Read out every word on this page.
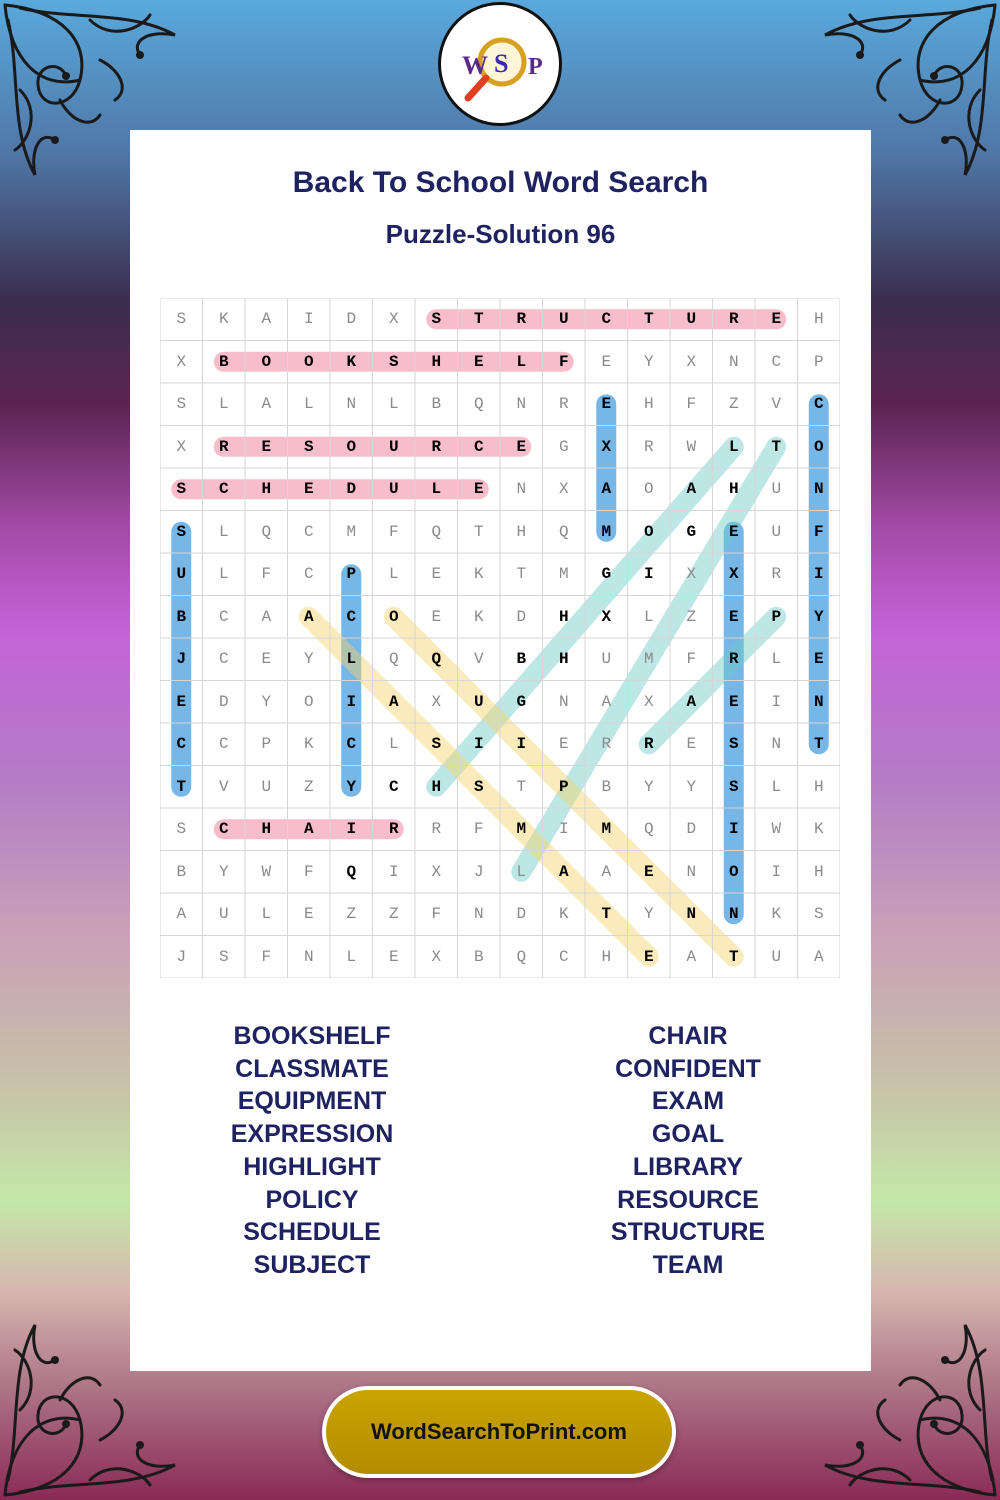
W S P
Back To School Word Search
Puzzle-Solution 96
S	K	A	I	D	X	S	T	R	U	C	T	U	R	E	H
X	B	O	O	K	S	H	E	L	F	E	Y	X	N	C	P
S	L	A	L	N	L	B	Q	N	R	E	H	F	Z	V	C
X	R	E	S	O	U	R	C	E	G	X	R	W	L	T	O
S	C	H	E	D	U	L	E	N	X	A	O	A	H	U	N
S	L	Q	C	M	F	Q	T	H	Q	M	O	G	E	U	F
U	L	F	C	P	L	E	K	T	M	G	I	X	X	R	I
B	C	A	A	C	O	E	K	D	H	X	L	Z	E	P	Y
J	C	E	Y	L	Q	Q	V	B	H	U	M	F	R	L	E
E	D	Y	O	I	A	X	U	G	N	A	X	A	E	I	N
C	C	P	K	C	L	S	I	I	E	R	R	E	S	N	T
T	V	U	Z	Y	C	H	S	T	P	B	Y	Y	S	L	H
S	C	H	A	I	R	R	F	M	I	M	Q	D	I	W	K
B	Y	W	F	Q	I	X	J	L	A	A	E	N	O	I	H
A	U	L	E	Z	Z	F	N	D	K	T	Y	N	N	K	S
J	S	F	N	L	E	X	B	Q	C	H	E	A	T	U	A
BOOKSHELF
CLASSMATE
EQUIPMENT
EXPRESSION
HIGHLIGHT
POLICY
SCHEDULE
SUBJECT
CHAIR
CONFIDENT
EXAM
GOAL
LIBRARY
RESOURCE
STRUCTURE
TEAM
WordSearchToPrint.com
